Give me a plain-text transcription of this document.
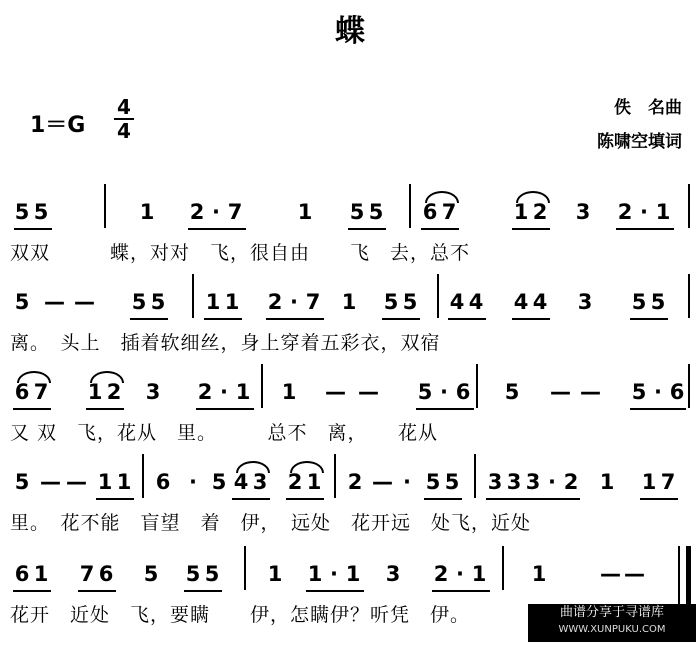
蝶
1＝G
4
4
佚　名曲
陈啸空填词
5 5	1 2 · 7	1 5 5 6 7	1 2 3 2 · 1
双双　　　蝶，对对　飞，很自由　　飞　去，总不
5 — — 5 5 1 1 2 · 7 1 5 5 4 4 4 4 3 5 5
离。　头上　插着软细丝，身上穿着五彩衣，双宿
6 7 1 2 3 2 · 1 1 — — 5 · 6 5 — — 5 · 6
又 双　飞，花从　里。　　　总不　离，　　花从
5 — — 1 1 6 · 5 4 3 2 1 2 — · 5 5 3 3 3 · 2 1 1 7
里。　花不能　盲望　着　伊，　远处　花开远　处飞，近处
6 1 7 6 5 5 5 1 1 · 1 3 2 · 1 1	— —
花开　近处　飞，要瞒　　伊，怎瞒伊？听凭　伊。	曲谱分享于寻谱库
WWW.XUNPUKU.COM
